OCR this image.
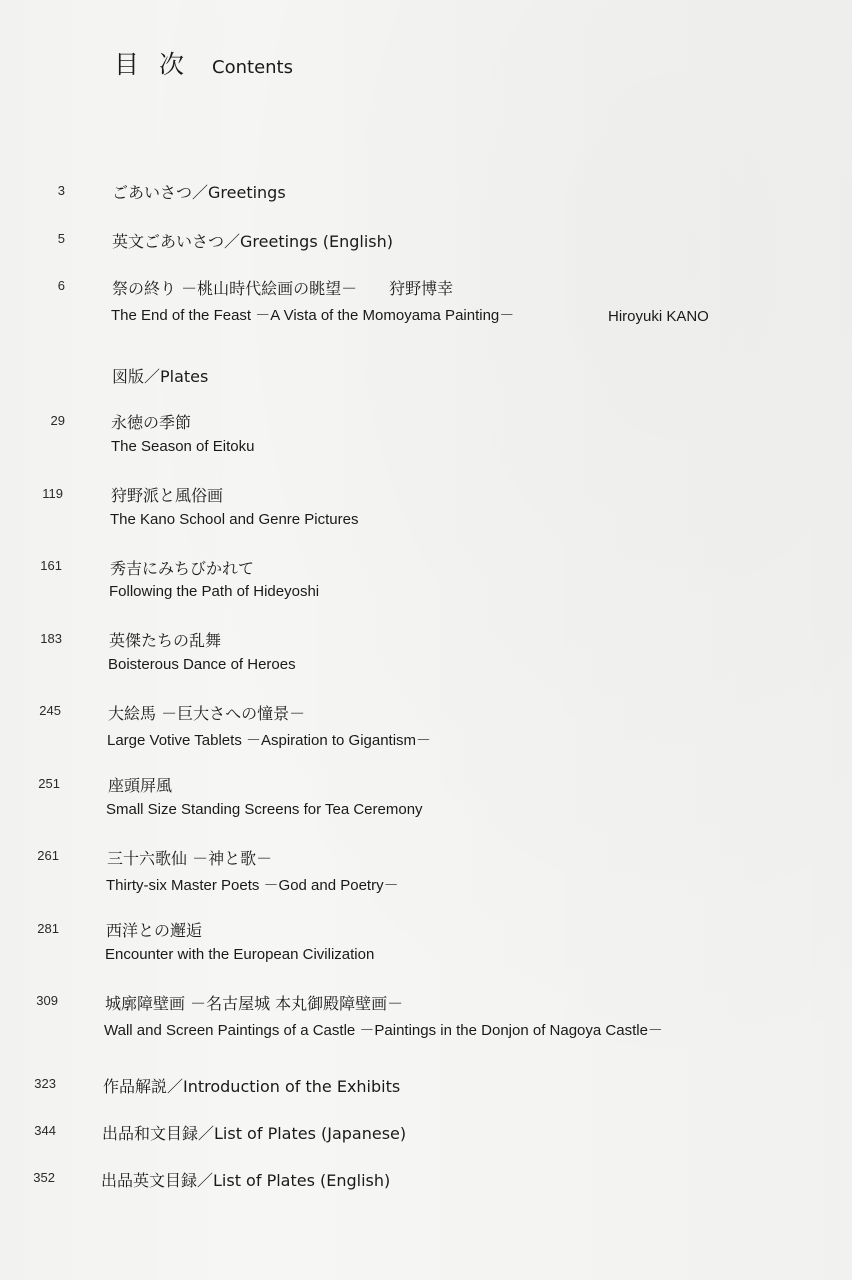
目次 Contents
3	ごあいさつ／Greetings
5	英文ごあいさつ／Greetings (English)
6	祭の終り －桃山時代絵画の眺望－ 狩野博幸
The End of the Feast －A Vista of the Momoyama Painting－	Hiroyuki KANO
図版／Plates
29	永徳の季節
The Season of Eitoku
119	狩野派と風俗画
The Kano School and Genre Pictures
161	秀吉にみちびかれて
Following the Path of Hideyoshi
183	英傑たちの乱舞
Boisterous Dance of Heroes
245	大絵馬 －巨大さへの憧景－
Large Votive Tablets －Aspiration to Gigantism－
251	座頭屏風
Small Size Standing Screens for Tea Ceremony
261	三十六歌仙 －神と歌－
Thirty-six Master Poets －God and Poetry－
281	西洋との邂逅
Encounter with the European Civilization
309	城廓障壁画 －名古屋城 本丸御殿障壁画－
Wall and Screen Paintings of a Castle －Paintings in the Donjon of Nagoya Castle－
323	作品解説／Introduction of the Exhibits
344	出品和文目録／List of Plates (Japanese)
352	出品英文目録／List of Plates (English)
